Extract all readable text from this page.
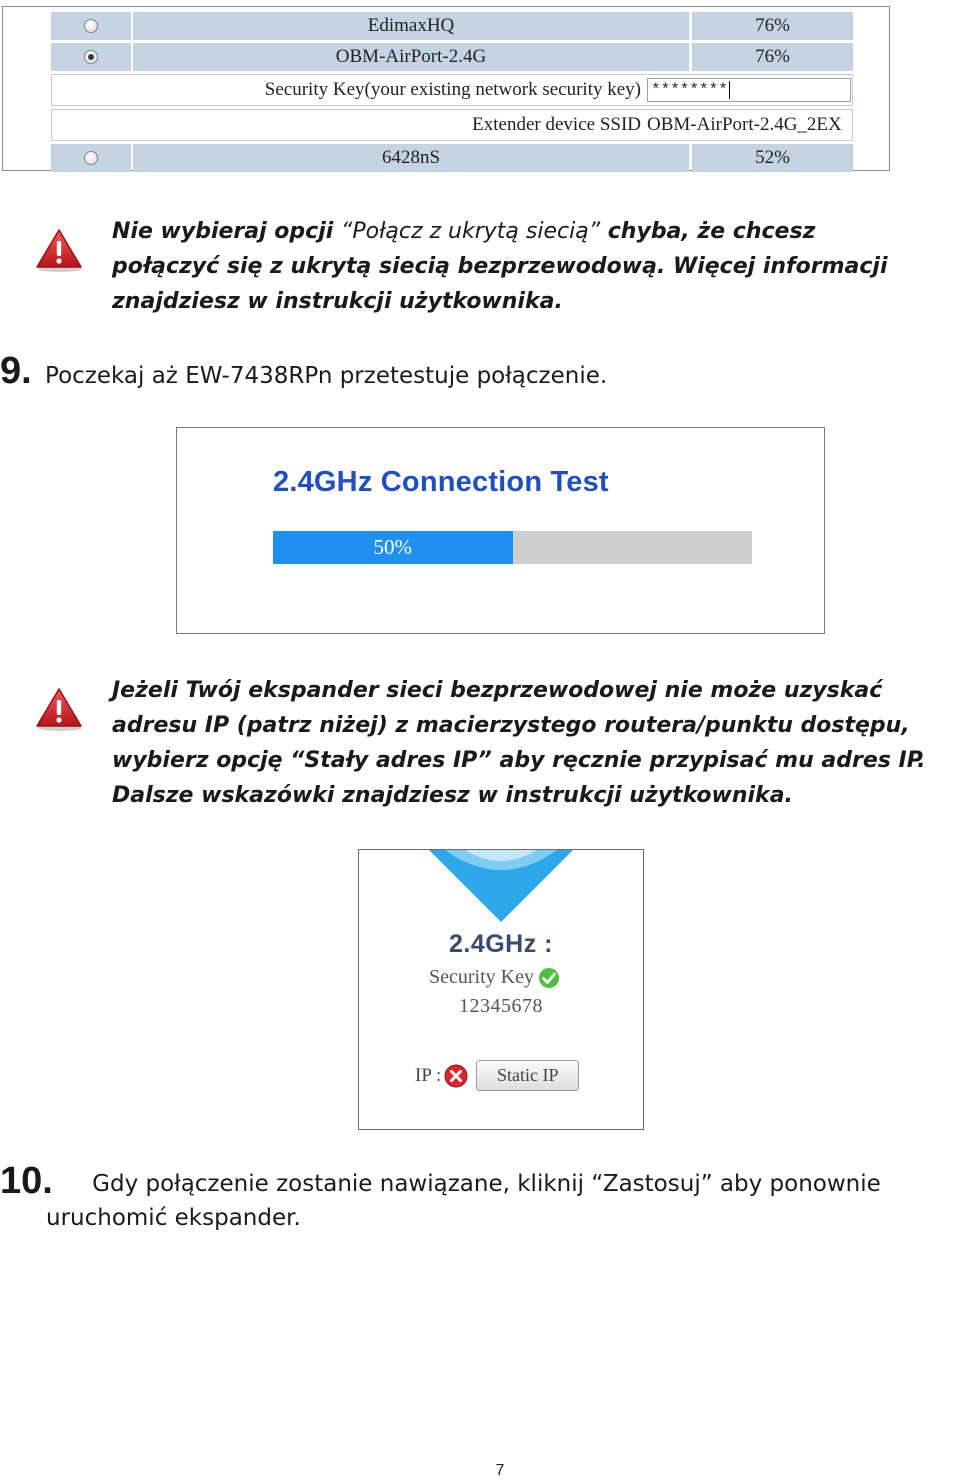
EdimaxHQ	76%
OBM-AirPort-2.4G	76%
Security Key(your existing network security key) ********
Extender device SSID OBM-AirPort-2.4G_2EX
6428nS	52%
Nie wybieraj opcji “Połącz z ukrytą siecią” chyba, że chcesz
połączyć się z ukrytą siecią bezprzewodową. Więcej informacji
znajdziesz w instrukcji użytkownika.
9. Poczekaj aż EW-7438RPn przetestuje połączenie.
2.4GHz Connection Test
50%
Jeżeli Twój ekspander sieci bezprzewodowej nie może uzyskać
adresu IP (patrz niżej) z macierzystego routera/punktu dostępu,
wybierz opcję “Stały adres IP” aby ręcznie przypisać mu adres IP.
Dalsze wskazówki znajdziesz w instrukcji użytkownika.
2.4GHz :
Security Key
12345678
IP :	Static IP
10. Gdy połączenie zostanie nawiązane, kliknij “Zastosuj” aby ponownie
uruchomić ekspander.
7
